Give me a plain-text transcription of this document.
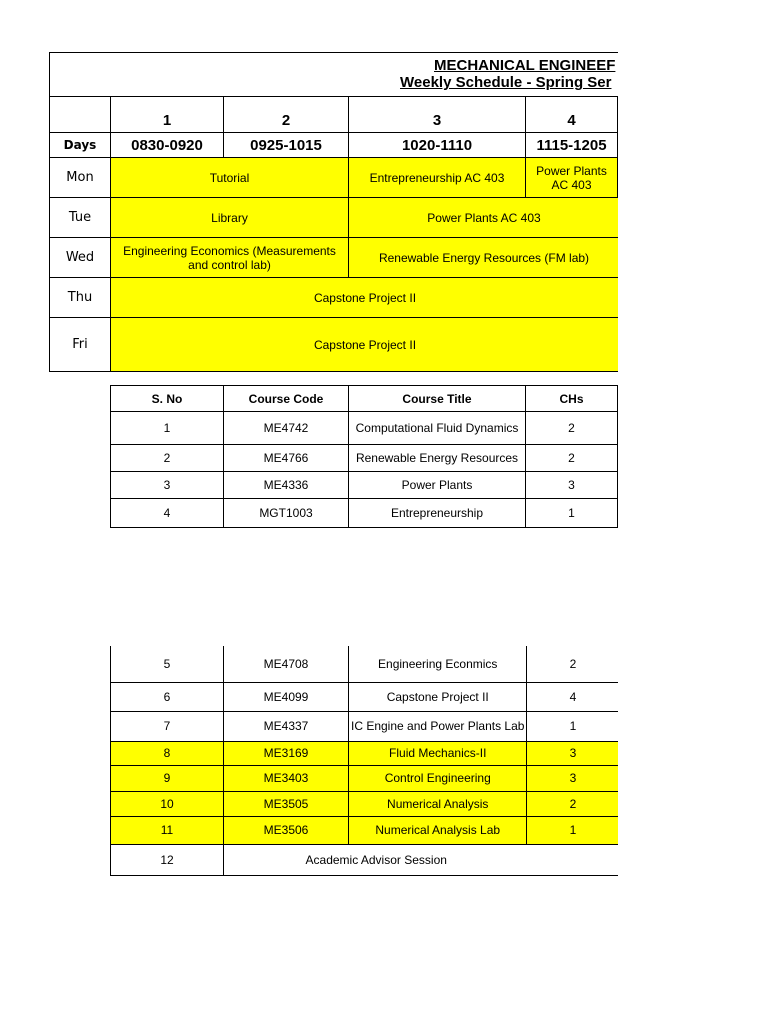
MECHANICAL ENGINEEF
Weekly Schedule - Spring Ser					

	1	2	3	4	
Days	0830-0920	0925-1015	1020-1110	1115-1205	
Mon	Tutorial		Entrepreneurship AC 403	Power Plants AC 403	
Tue	Library		Power Plants AC 403		
Wed	Engineering Economics (Measurements and control lab)		Renewable Energy Resources (FM lab)		
Thu	Capstone Project II				
Fri	Capstone Project II				
S. No	Course Code	Course Title	CHs
1	ME4742	Computational Fluid Dynamics	2
2	ME4766	Renewable Energy Resources	2
3	ME4336	Power Plants	3
4	MGT1003	Entrepreneurship	1
5	ME4708	Engineering Econmics	2
6	ME4099	Capstone Project II	4
7	ME4337	IC Engine and Power Plants Lab	1
8	ME3169	Fluid Mechanics-II	3
9	ME3403	Control Engineering	3
10	ME3505	Numerical Analysis	2
11	ME3506	Numerical Analysis Lab	1
12	Academic Advisor Session		
